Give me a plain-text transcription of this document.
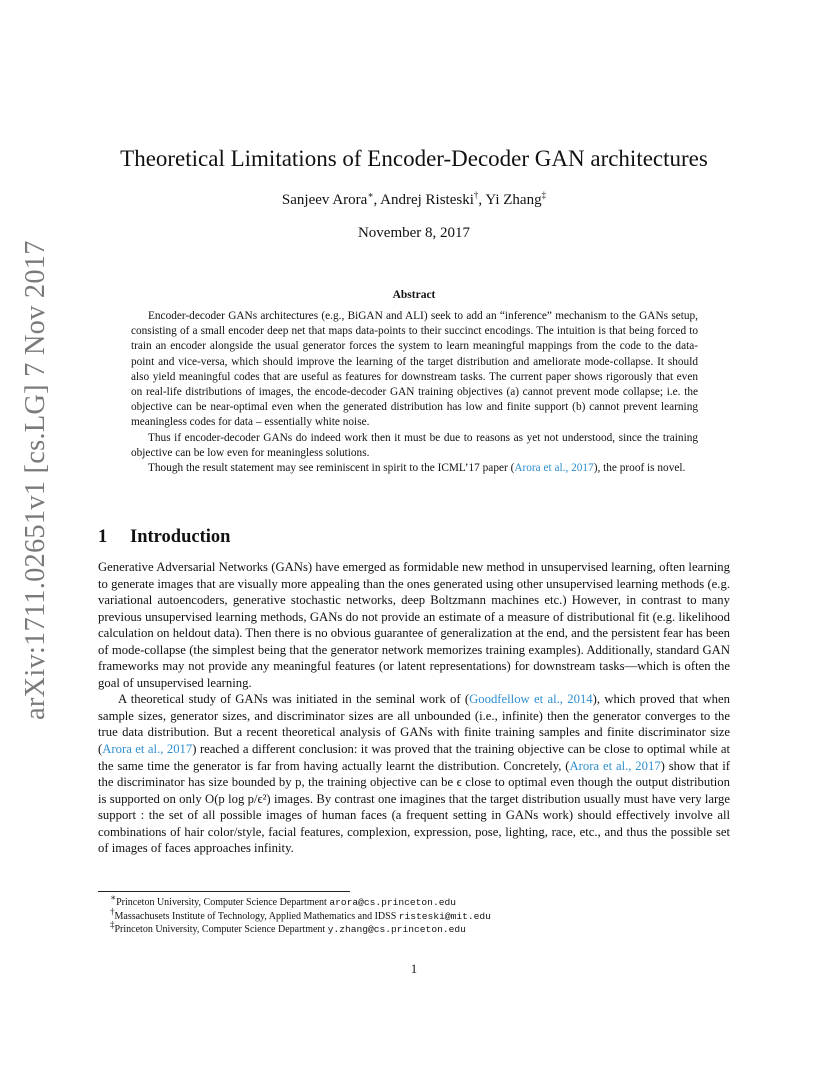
arXiv:1711.02651v1 [cs.LG] 7 Nov 2017
Theoretical Limitations of Encoder-Decoder GAN architectures
Sanjeev Arora∗, Andrej Risteski†, Yi Zhang‡
November 8, 2017
Abstract

Encoder-decoder GANs architectures (e.g., BiGAN and ALI) seek to add an “inference” mechanism to the GANs setup, consisting of a small encoder deep net that maps data-points to their succinct encodings. The intuition is that being forced to train an encoder alongside the usual generator forces the system to learn meaningful mappings from the code to the data-point and vice-versa, which should improve the learning of the target distribution and ameliorate mode-collapse. It should also yield meaningful codes that are useful as features for downstream tasks. The current paper shows rigorously that even on real-life distributions of images, the encode-decoder GAN training objectives (a) cannot prevent mode collapse; i.e. the objective can be near-optimal even when the generated distribution has low and finite support (b) cannot prevent learning meaningless codes for data – essentially white noise.

Thus if encoder-decoder GANs do indeed work then it must be due to reasons as yet not understood, since the training objective can be low even for meaningless solutions.

Though the result statement may see reminiscent in spirit to the ICML’17 paper (Arora et al., 2017), the proof is novel.

1 Introduction

Generative Adversarial Networks (GANs) have emerged as formidable new method in unsupervised learning, often learning to generate images that are visually more appealing than the ones generated using other unsupervised learning methods (e.g. variational autoencoders, generative stochastic networks, deep Boltzmann machines etc.) However, in contrast to many previous unsupervised learning methods, GANs do not provide an estimate of a measure of distributional fit (e.g. likelihood calculation on heldout data). Then there is no obvious guarantee of generalization at the end, and the persistent fear has been of mode-collapse (the simplest being that the generator network memorizes training examples). Additionally, standard GAN frameworks may not provide any meaningful features (or latent representations) for downstream tasks—which is often the goal of unsupervised learning.

A theoretical study of GANs was initiated in the seminal work of (Goodfellow et al., 2014), which proved that when sample sizes, generator sizes, and discriminator sizes are all unbounded (i.e., infinite) then the generator converges to the true data distribution. But a recent theoretical analysis of GANs with finite training samples and finite discriminator size (Arora et al., 2017) reached a different conclusion: it was proved that the training objective can be close to optimal while at the same time the generator is far from having actually learnt the distribution. Concretely, (Arora et al., 2017) show that if the discriminator has size bounded by p, the training objective can be ϵ close to optimal even though the output distribution is supported on only O(p log p/ϵ²) images. By contrast one imagines that the target distribution usually must have very large support : the set of all possible images of human faces (a frequent setting in GANs work) should effectively involve all combinations of hair color/style, facial features, complexion, expression, pose, lighting, race, etc., and thus the possible set of images of faces approaches infinity.

∗Princeton University, Computer Science Department arora@cs.princeton.edu
†Massachusets Institute of Technology, Applied Mathematics and IDSS risteski@mit.edu
‡Princeton University, Computer Science Department y.zhang@cs.princeton.edu
1
